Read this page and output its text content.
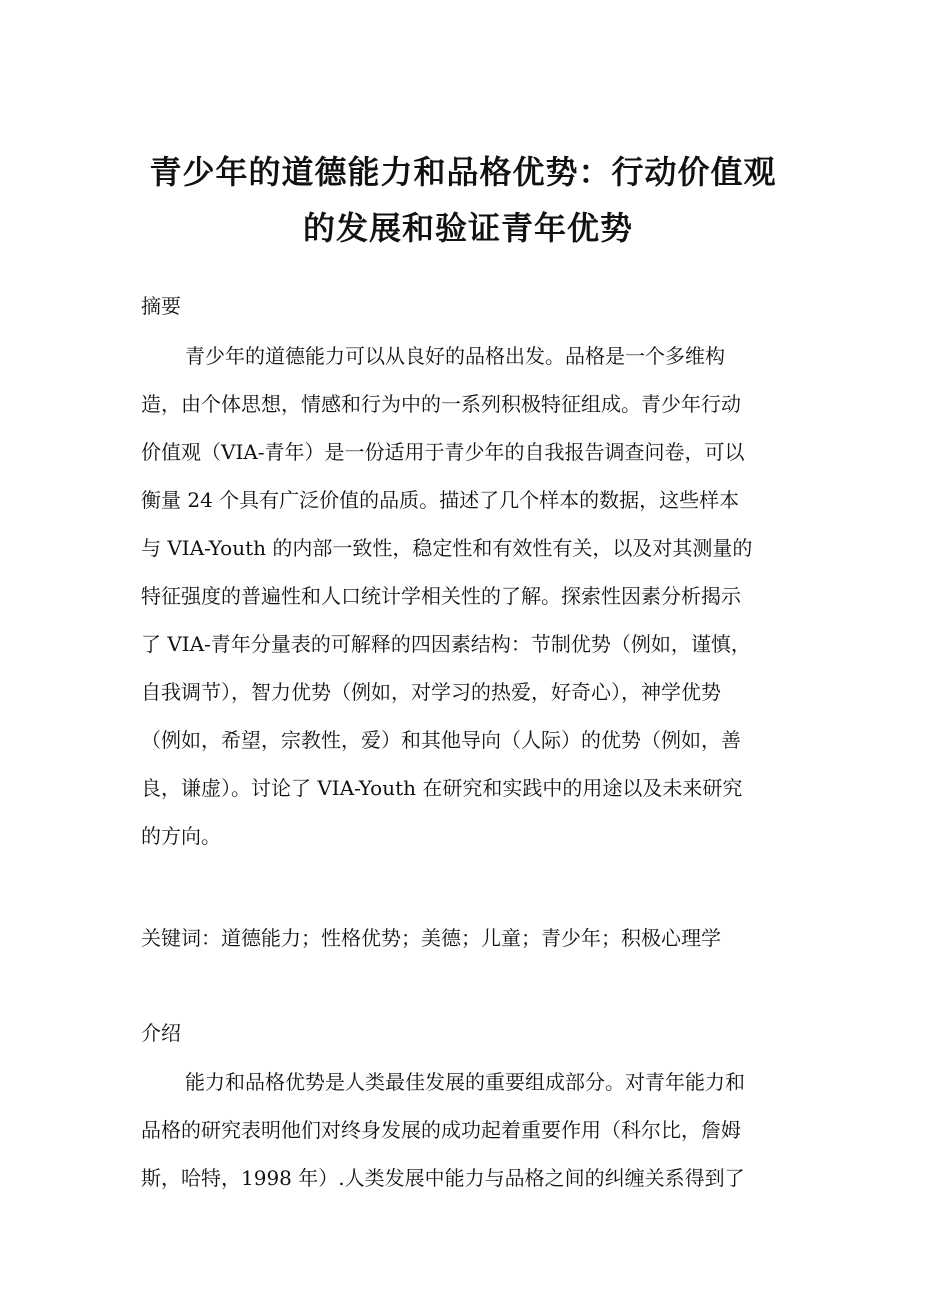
青少年的道德能力和品格优势：行动价值观
的发展和验证青年优势
摘要
青少年的道德能力可以从良好的品格出发。品格是一个多维构
造，由个体思想，情感和行为中的一系列积极特征组成。青少年行动
价值观（VIA-青年）是一份适用于青少年的自我报告调查问卷，可以
衡量 24 个具有广泛价值的品质。描述了几个样本的数据，这些样本
与 VIA-Youth 的内部一致性，稳定性和有效性有关，以及对其测量的
特征强度的普遍性和人口统计学相关性的了解。探索性因素分析揭示
了 VIA-青年分量表的可解释的四因素结构：节制优势（例如，谨慎，
自我调节），智力优势（例如，对学习的热爱，好奇心），神学优势
（例如，希望，宗教性，爱）和其他导向（人际）的优势（例如，善
良，谦虚）。讨论了 VIA-Youth 在研究和实践中的用途以及未来研究
的方向。
关键词：道德能力；性格优势；美德；儿童；青少年；积极心理学
介绍
能力和品格优势是人类最佳发展的重要组成部分。对青年能力和
品格的研究表明他们对终身发展的成功起着重要作用（科尔比，詹姆
斯，哈特，1998 年）.人类发展中能力与品格之间的纠缠关系得到了
